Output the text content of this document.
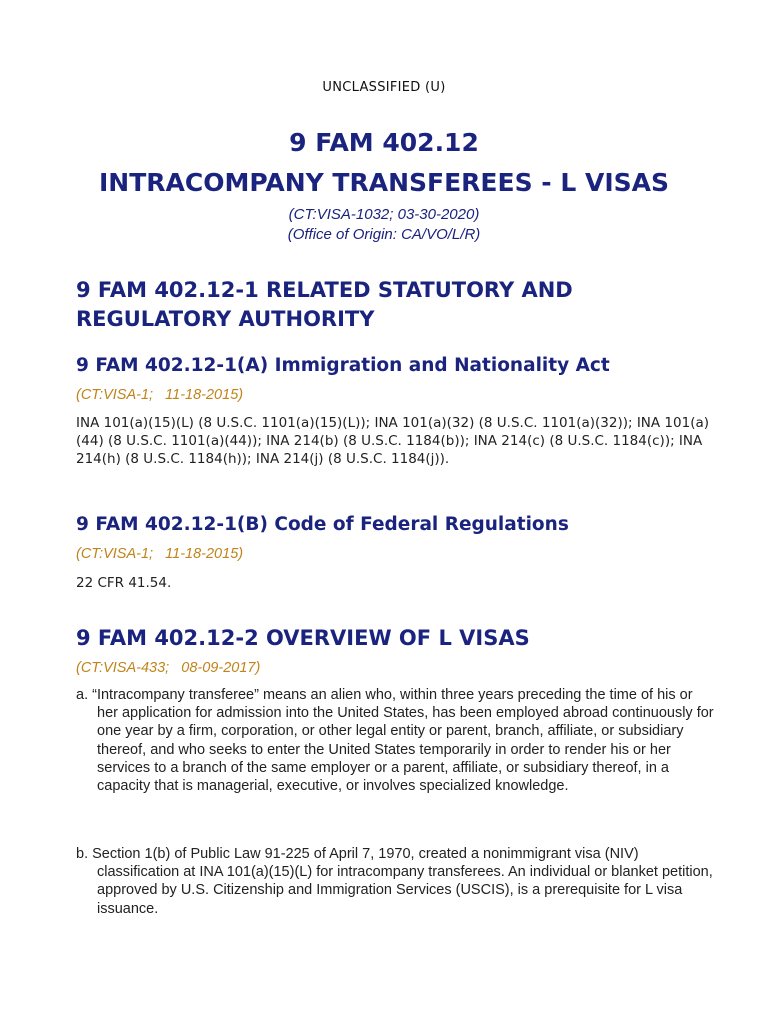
UNCLASSIFIED (U)
9 FAM 402.12
INTRACOMPANY TRANSFEREES - L VISAS
(CT:VISA-1032; 03-30-2020)
(Office of Origin: CA/VO/L/R)
9 FAM 402.12-1 RELATED STATUTORY AND REGULATORY AUTHORITY
9 FAM 402.12-1(A) Immigration and Nationality Act
(CT:VISA-1;   11-18-2015)

INA 101(a)(15)(L) (8 U.S.C. 1101(a)(15)(L)); INA 101(a)(32) (8 U.S.C. 1101(a)(32)); INA 101(a)(44) (8 U.S.C. 1101(a)(44)); INA 214(b) (8 U.S.C. 1184(b)); INA 214(c) (8 U.S.C. 1184(c)); INA 214(h) (8 U.S.C. 1184(h)); INA 214(j) (8 U.S.C. 1184(j)).

9 FAM 402.12-1(B) Code of Federal Regulations
(CT:VISA-1;   11-18-2015)

22 CFR 41.54.

9 FAM 402.12-2 OVERVIEW OF L VISAS
(CT:VISA-433;   08-09-2017)

a. “Intracompany transferee” means an alien who, within three years preceding the time of his or her application for admission into the United States, has been employed abroad continuously for one year by a firm, corporation, or other legal entity or parent, branch, affiliate, or subsidiary thereof, and who seeks to enter the United States temporarily in order to render his or her services to a branch of the same employer or a parent, affiliate, or subsidiary thereof, in a capacity that is managerial, executive, or involves specialized knowledge.

b. Section 1(b) of Public Law 91-225 of April 7, 1970, created a nonimmigrant visa (NIV) classification at INA 101(a)(15)(L) for intracompany transferees. An individual or blanket petition, approved by U.S. Citizenship and Immigration Services (USCIS), is a prerequisite for L visa issuance.
